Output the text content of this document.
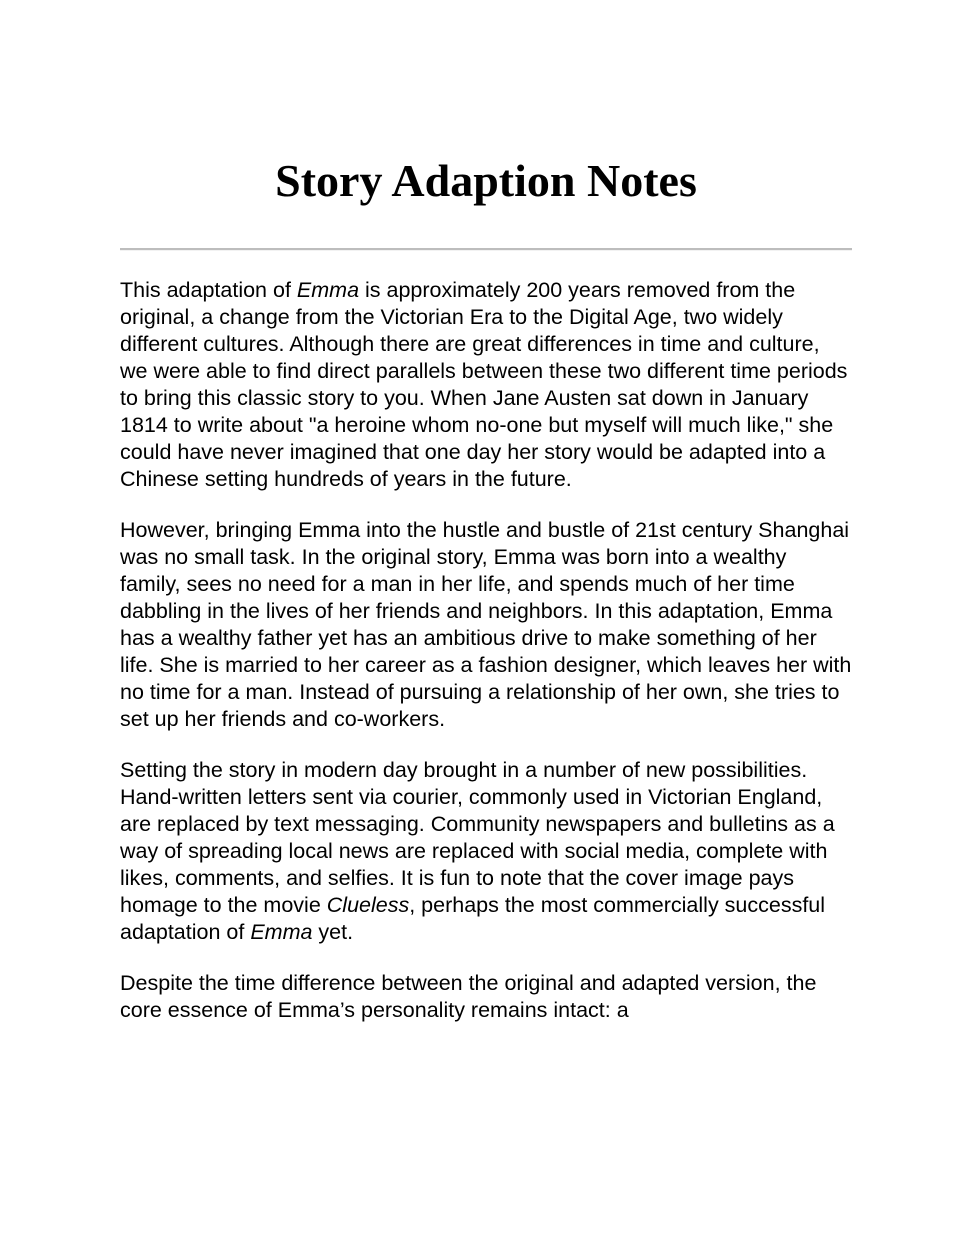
Story Adaption Notes

This adaptation of Emma is approximately 200 years removed from the original, a change from the Victorian Era to the Digital Age, two widely different cultures. Although there are great differences in time and culture, we were able to find direct parallels between these two different time periods to bring this classic story to you. When Jane Austen sat down in January 1814 to write about "a heroine whom no-one but myself will much like," she could have never imagined that one day her story would be adapted into a Chinese setting hundreds of years in the future.

However, bringing Emma into the hustle and bustle of 21st century Shanghai was no small task. In the original story, Emma was born into a wealthy family, sees no need for a man in her life, and spends much of her time dabbling in the lives of her friends and neighbors. In this adaptation, Emma has a wealthy father yet has an ambitious drive to make something of her life. She is married to her career as a fashion designer, which leaves her with no time for a man. Instead of pursuing a relationship of her own, she tries to set up her friends and co-workers.

Setting the story in modern day brought in a number of new possibilities. Hand-written letters sent via courier, commonly used in Victorian England, are replaced by text messaging. Community newspapers and bulletins as a way of spreading local news are replaced with social media, complete with likes, comments, and selfies. It is fun to note that the cover image pays homage to the movie Clueless, perhaps the most commercially successful adaptation of Emma yet.

Despite the time difference between the original and adapted version, the core essence of Emma’s personality remains intact: a
